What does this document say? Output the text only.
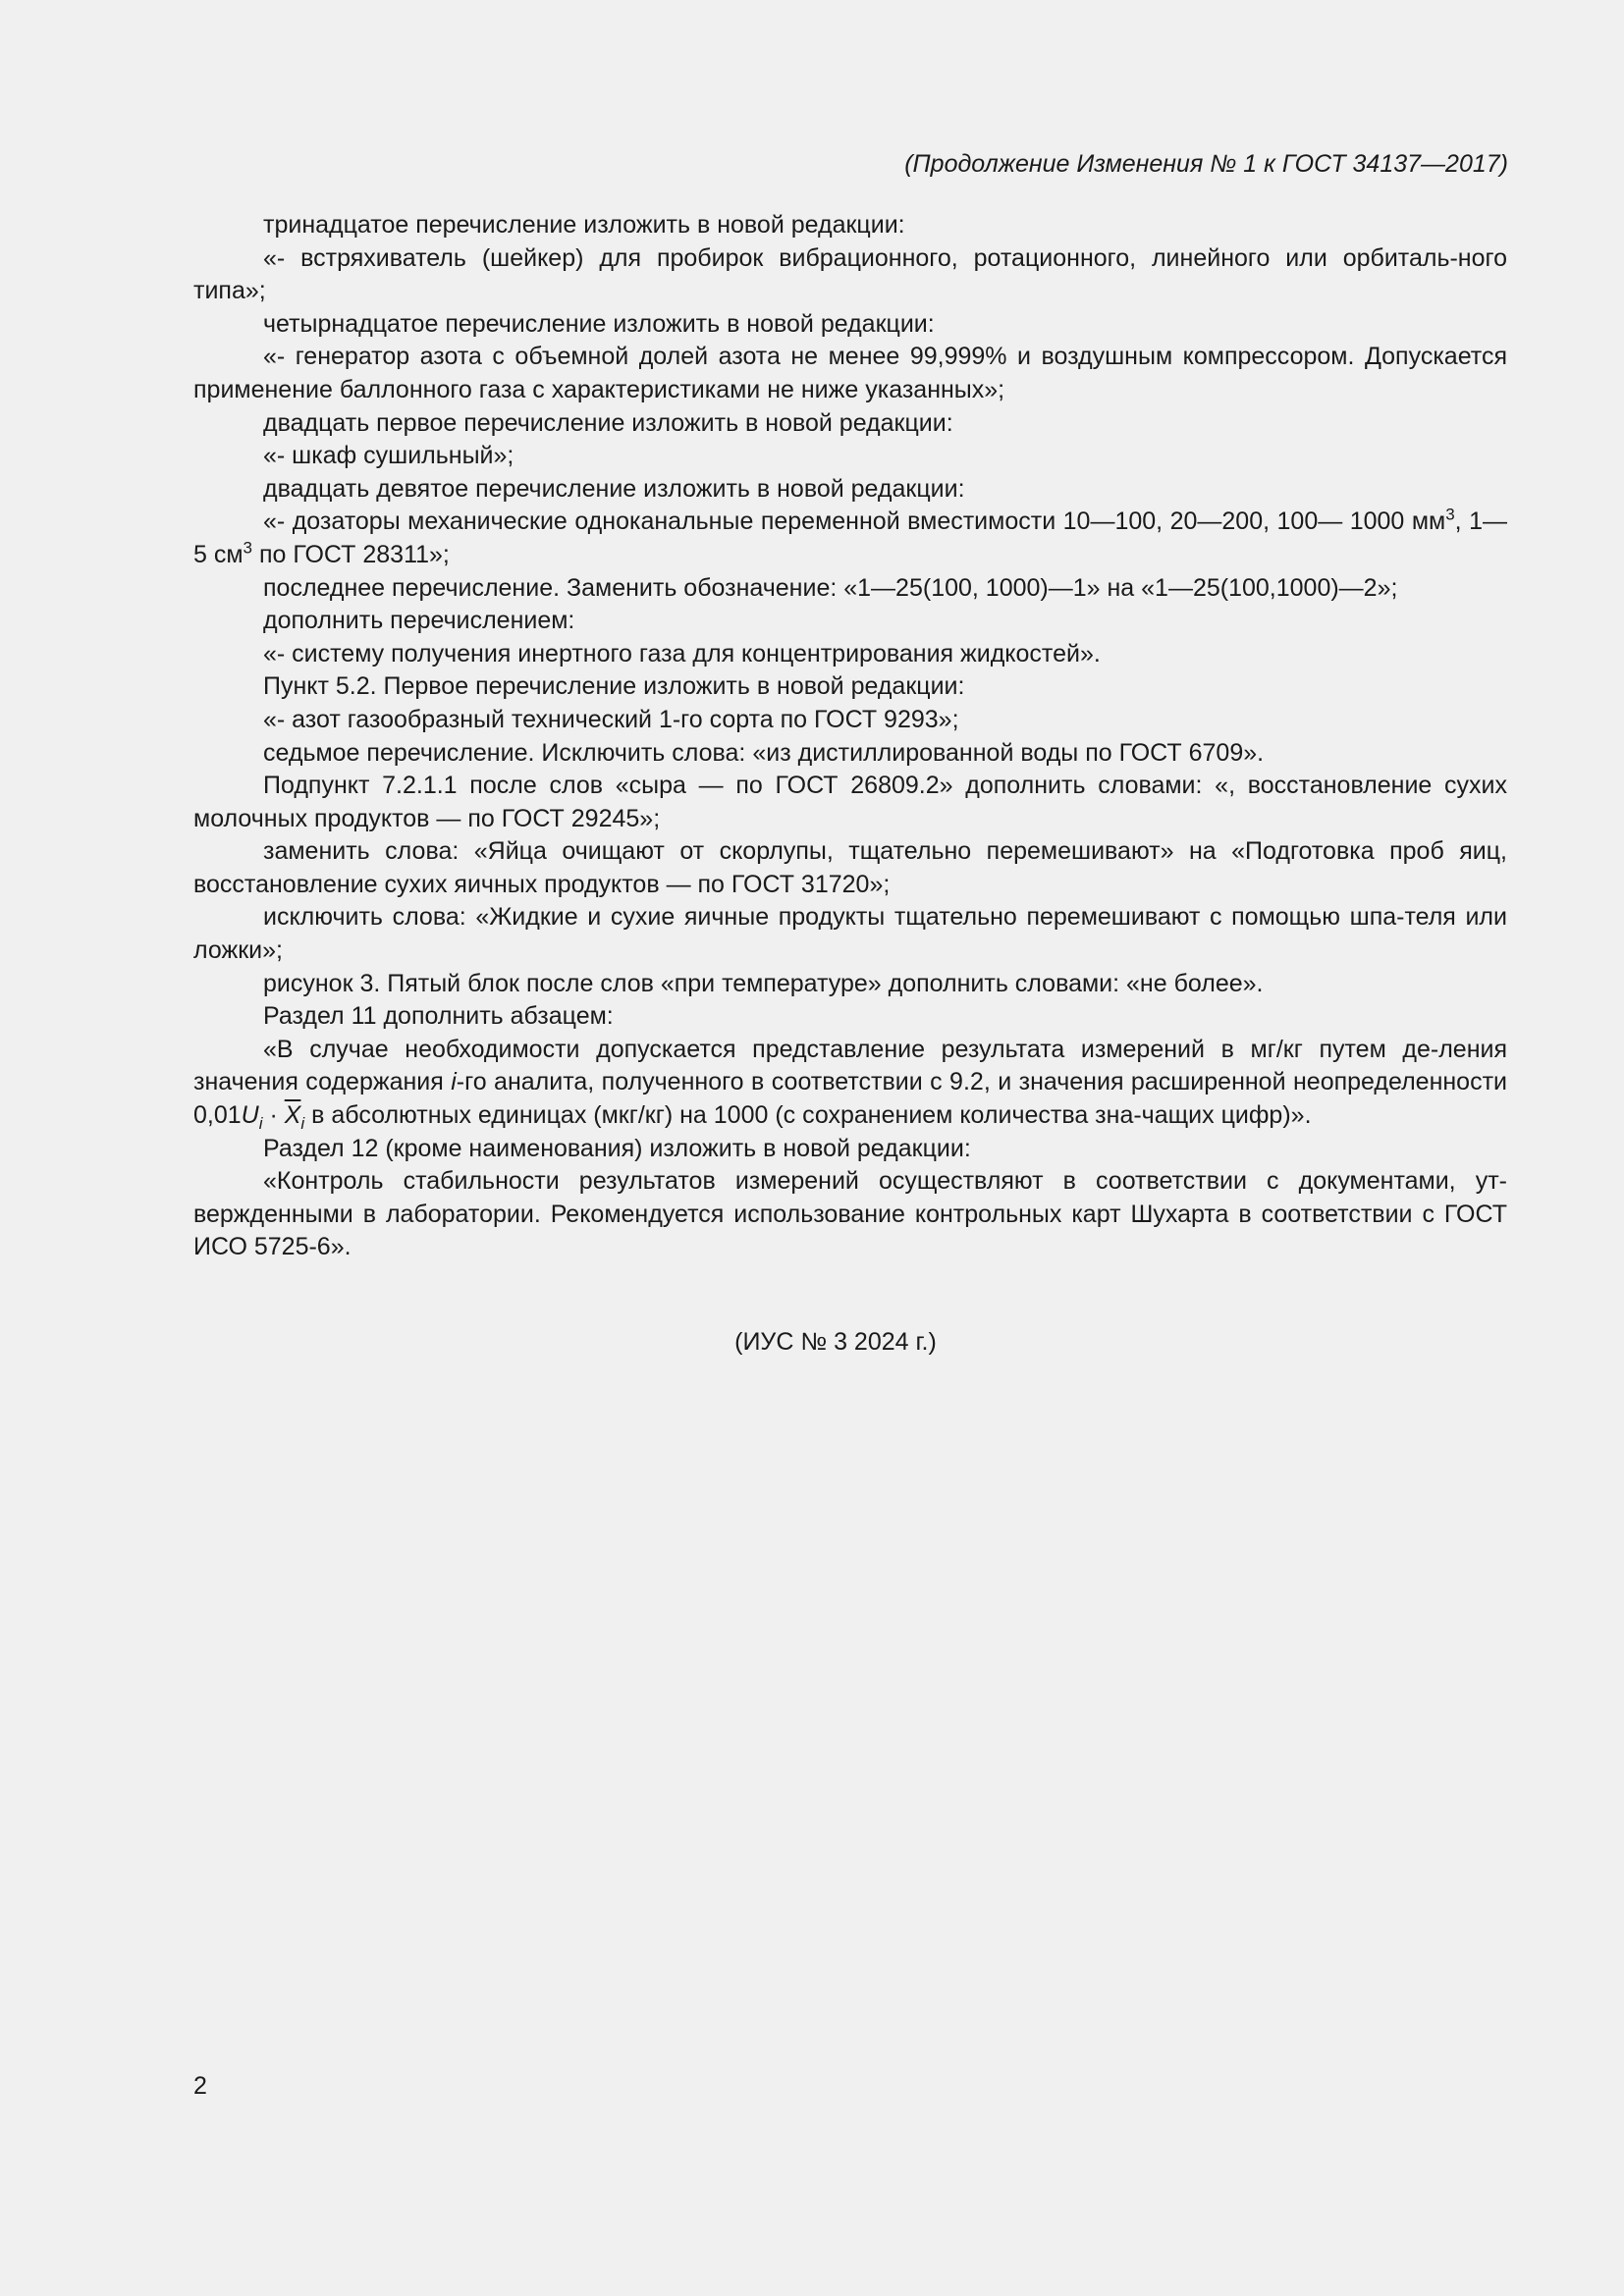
(Продолжение Изменения № 1 к ГОСТ 34137—2017)

тринадцатое перечисление изложить в новой редакции:

«- встряхиватель (шейкер) для пробирок вибрационного, ротационного, линейного или орбиталь-ного типа»;

четырнадцатое перечисление изложить в новой редакции:

«- генератор азота с объемной долей азота не менее 99,999% и воздушным компрессором. Допускается применение баллонного газа с характеристиками не ниже указанных»;

двадцать первое перечисление изложить в новой редакции:

«- шкаф сушильный»;

двадцать девятое перечисление изложить в новой редакции:

«- дозаторы механические одноканальные переменной вместимости 10—100, 20—200, 100— 1000 $мм^3$, 1—5 $см^3$ по ГОСТ 28311»;

последнее перечисление. Заменить обозначение: «1—25(100, 1000)—1» на «1—25(100,1000)—2»;

дополнить перечислением:

«- систему получения инертного газа для концентрирования жидкостей».

Пункт 5.2. Первое перечисление изложить в новой редакции:

«- азот газообразный технический 1-го сорта по ГОСТ 9293»;

седьмое перечисление. Исключить слова: «из дистиллированной воды по ГОСТ 6709».

Подпункт 7.2.1.1 после слов «сыра — по ГОСТ 26809.2» дополнить словами: «, восстановление сухих молочных продуктов — по ГОСТ 29245»;

заменить слова: «Яйца очищают от скорлупы, тщательно перемешивают» на «Подготовка проб яиц, восстановление сухих яичных продуктов — по ГОСТ 31720»;

исключить слова: «Жидкие и сухие яичные продукты тщательно перемешивают с помощью шпа-теля или ложки»;

рисунок 3. Пятый блок после слов «при температуре» дополнить словами: «не более».

Раздел 11 дополнить абзацем:

«В случае необходимости допускается представление результата измерений в мг/кг путем де-ления значения содержания i-го аналита, полученного в соответствии с 9.2, и значения расширенной неопределенности $0,01U_i \cdot \overline{X}_i$ в абсолютных единицах (мкг/кг) на 1000 (с сохранением количества зна-чащих цифр)».

Раздел 12 (кроме наименования) изложить в новой редакции:

«Контроль стабильности результатов измерений осуществляют в соответствии с документами, ут-вержденными в лаборатории. Рекомендуется использование контрольных карт Шухарта в соответствии с ГОСТ ИСО 5725-6».

(ИУС № 3 2024 г.)
2
